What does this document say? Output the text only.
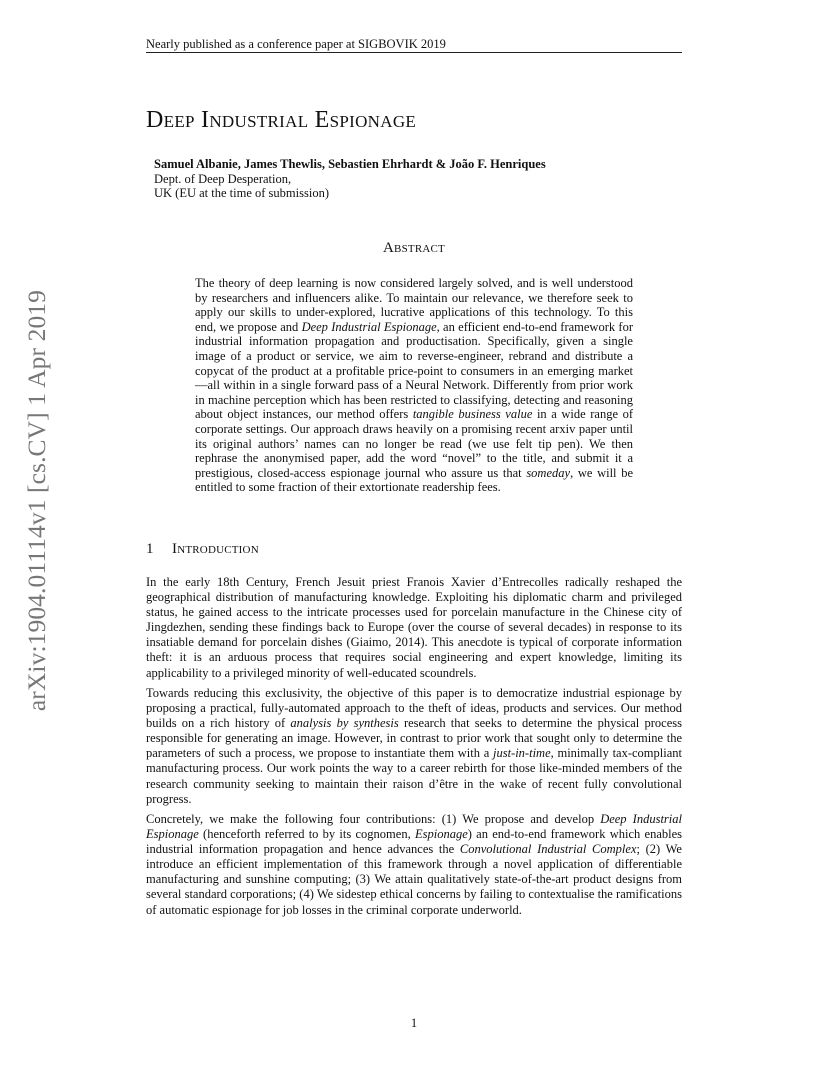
Nearly published as a conference paper at SIGBOVIK 2019
arXiv:1904.01114v1 [cs.CV] 1 Apr 2019
Deep Industrial Espionage
Samuel Albanie, James Thewlis, Sebastien Ehrhardt & João F. Henriques
Dept. of Deep Desperation,
UK (EU at the time of submission)
Abstract
The theory of deep learning is now considered largely solved, and is well understood by researchers and influencers alike. To maintain our relevance, we therefore seek to apply our skills to under-explored, lucrative applications of this technology. To this end, we propose and Deep Industrial Espionage, an efficient end-to-end framework for industrial information propagation and productisation. Specifically, given a single image of a product or service, we aim to reverse-engineer, rebrand and distribute a copycat of the product at a profitable price-point to consumers in an emerging market—all within in a single forward pass of a Neural Network. Differently from prior work in machine perception which has been restricted to classifying, detecting and reasoning about object instances, our method offers tangible business value in a wide range of corporate settings. Our approach draws heavily on a promising recent arxiv paper until its original authors’ names can no longer be read (we use felt tip pen). We then rephrase the anonymised paper, add the word “novel” to the title, and submit it a prestigious, closed-access espionage journal who assure us that someday, we will be entitled to some fraction of their extortionate readership fees.
1 Introduction
In the early 18th Century, French Jesuit priest Franois Xavier d’Entrecolles radically reshaped the geographical distribution of manufacturing knowledge. Exploiting his diplomatic charm and privileged status, he gained access to the intricate processes used for porcelain manufacture in the Chinese city of Jingdezhen, sending these findings back to Europe (over the course of several decades) in response to its insatiable demand for porcelain dishes (Giaimo, 2014). This anecdote is typical of corporate information theft: it is an arduous process that requires social engineering and expert knowledge, limiting its applicability to a privileged minority of well-educated scoundrels.
Towards reducing this exclusivity, the objective of this paper is to democratize industrial espionage by proposing a practical, fully-automated approach to the theft of ideas, products and services. Our method builds on a rich history of analysis by synthesis research that seeks to determine the physical process responsible for generating an image. However, in contrast to prior work that sought only to determine the parameters of such a process, we propose to instantiate them with a just-in-time, minimally tax-compliant manufacturing process. Our work points the way to a career rebirth for those like-minded members of the research community seeking to maintain their raison d’être in the wake of recent fully convolutional progress.
Concretely, we make the following four contributions: (1) We propose and develop Deep Industrial Espionage (henceforth referred to by its cognomen, Espionage) an end-to-end framework which enables industrial information propagation and hence advances the Convolutional Industrial Complex; (2) We introduce an efficient implementation of this framework through a novel application of differentiable manufacturing and sunshine computing; (3) We attain qualitatively state-of-the-art product designs from several standard corporations; (4) We sidestep ethical concerns by failing to contextualise the ramifications of automatic espionage for job losses in the criminal corporate underworld.
1
